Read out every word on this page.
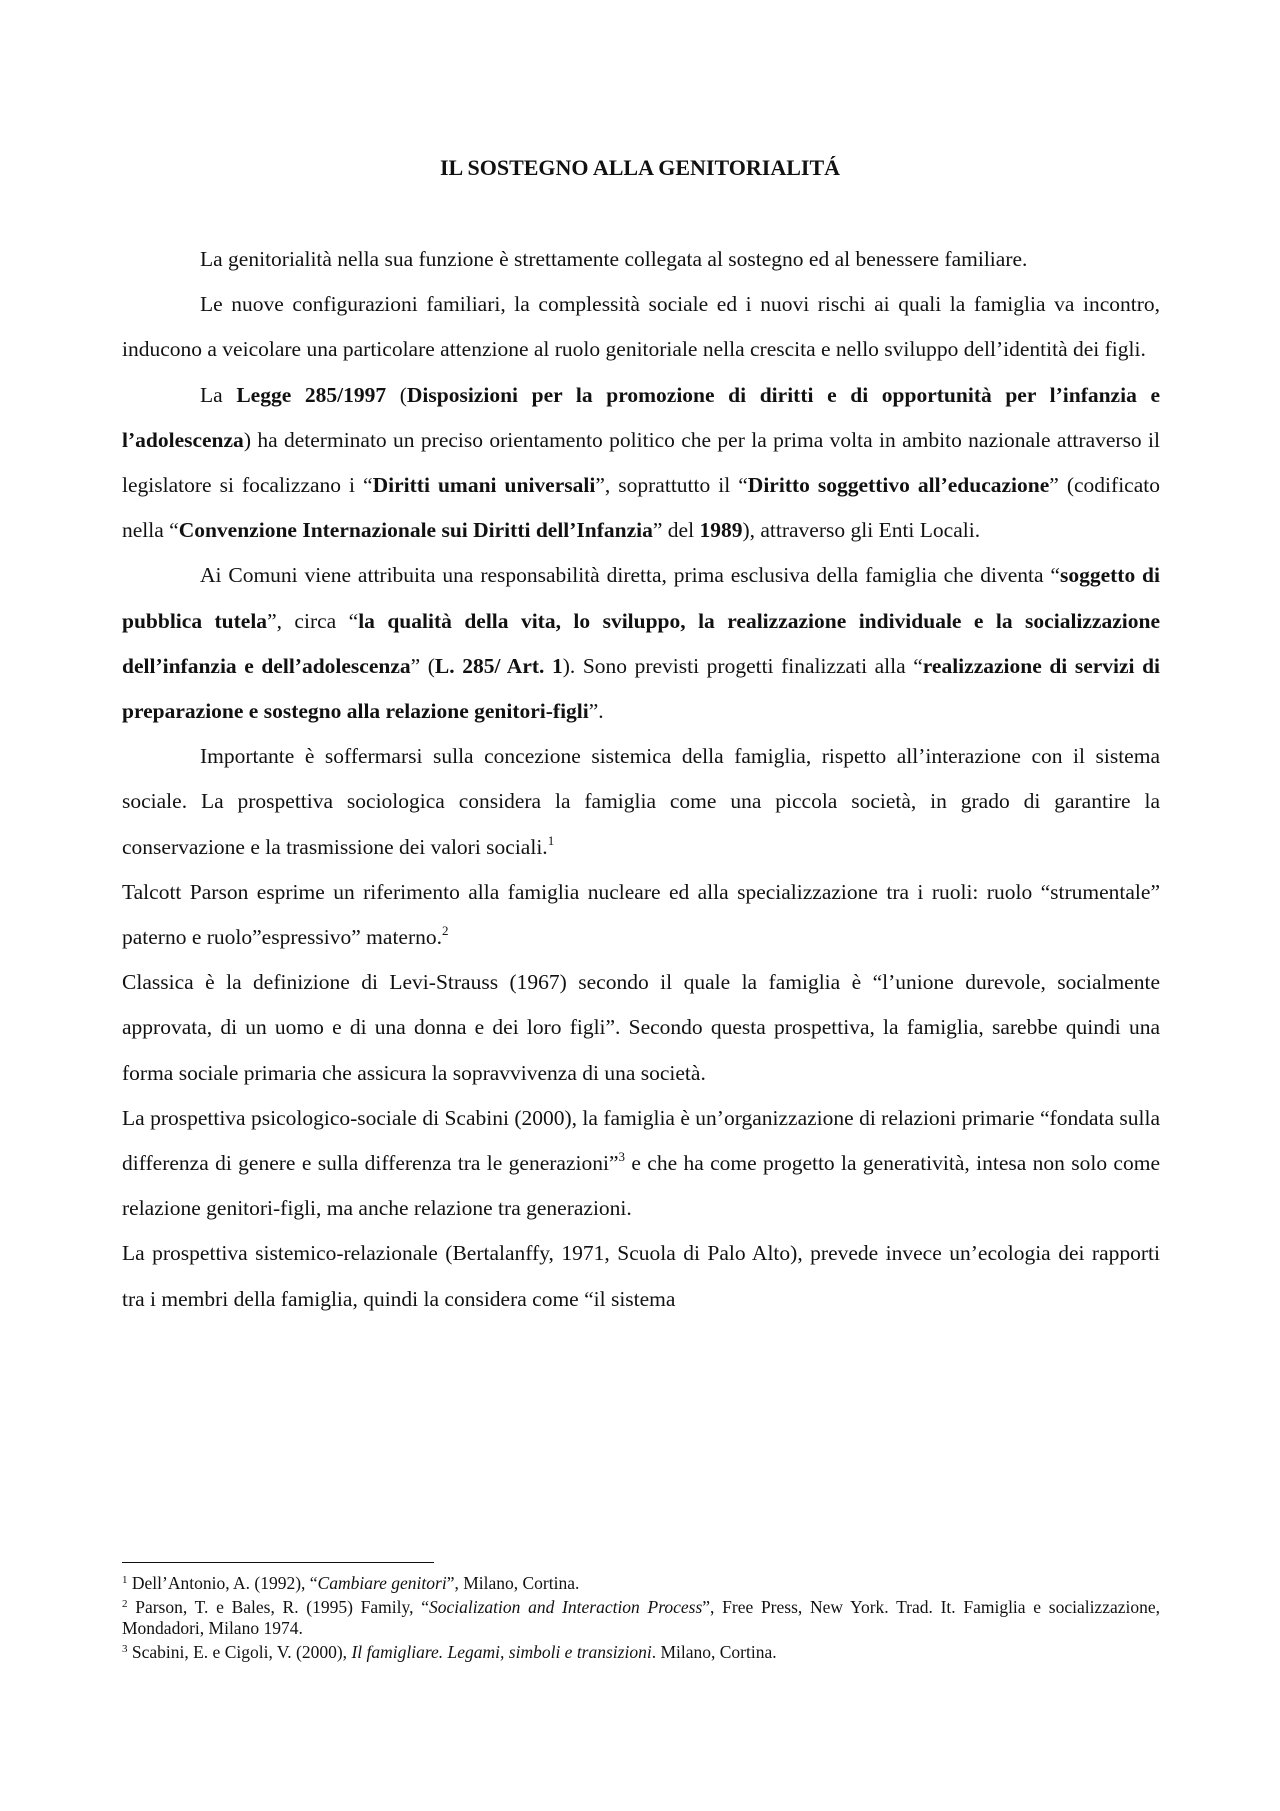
IL SOSTEGNO ALLA GENITORIALITÁ

La genitorialità nella sua funzione è strettamente collegata al sostegno ed al benessere familiare.

Le nuove configurazioni familiari, la complessità sociale ed i nuovi rischi ai quali la famiglia va incontro, inducono a veicolare una particolare attenzione al ruolo genitoriale nella crescita e nello sviluppo dell’identità dei figli.

La Legge 285/1997 (Disposizioni per la promozione di diritti e di opportunità per l’infanzia e l’adolescenza) ha determinato un preciso orientamento politico che per la prima volta in ambito nazionale attraverso il legislatore si focalizzano i “Diritti umani universali”, soprattutto il “Diritto soggettivo all’educazione” (codificato nella “Convenzione Internazionale sui Diritti dell’Infanzia” del 1989), attraverso gli Enti Locali.

Ai Comuni viene attribuita una responsabilità diretta, prima esclusiva della famiglia che diventa “soggetto di pubblica tutela”, circa “la qualità della vita, lo sviluppo, la realizzazione individuale e la socializzazione dell’infanzia e dell’adolescenza” (L. 285/ Art. 1). Sono previsti progetti finalizzati alla “realizzazione di servizi di preparazione e sostegno alla relazione genitori-figli”.

Importante è soffermarsi sulla concezione sistemica della famiglia, rispetto all’interazione con il sistema sociale. La prospettiva sociologica considera la famiglia come una piccola società, in grado di garantire la conservazione e la trasmissione dei valori sociali.$^1$

Talcott Parson esprime un riferimento alla famiglia nucleare ed alla specializzazione tra i ruoli: ruolo “strumentale” paterno e ruolo”espressivo” materno.$^2$

Classica è la definizione di Levi-Strauss (1967) secondo il quale la famiglia è “l’unione durevole, socialmente approvata, di un uomo e di una donna e dei loro figli”. Secondo questa prospettiva, la famiglia, sarebbe quindi una forma sociale primaria che assicura la sopravvivenza di una società.

La prospettiva psicologico-sociale di Scabini (2000), la famiglia è un’organizzazione di relazioni primarie “fondata sulla differenza di genere e sulla differenza tra le generazioni”$^3$ e che ha come progetto la generatività, intesa non solo come relazione genitori-figli, ma anche relazione tra generazioni.

La prospettiva sistemico-relazionale (Bertalanffy, 1971, Scuola di Palo Alto), prevede invece un’ecologia dei rapporti tra i membri della famiglia, quindi la considera come “il sistema

$^1$ Dell’Antonio, A. (1992), “Cambiare genitori”, Milano, Cortina.

$^2$ Parson, T. e Bales, R. (1995) Family, “Socialization and Interaction Process”, Free Press, New York. Trad. It. Famiglia e socializzazione, Mondadori, Milano 1974.

$^3$ Scabini, E. e Cigoli, V. (2000), Il famigliare. Legami, simboli e transizioni. Milano, Cortina.
